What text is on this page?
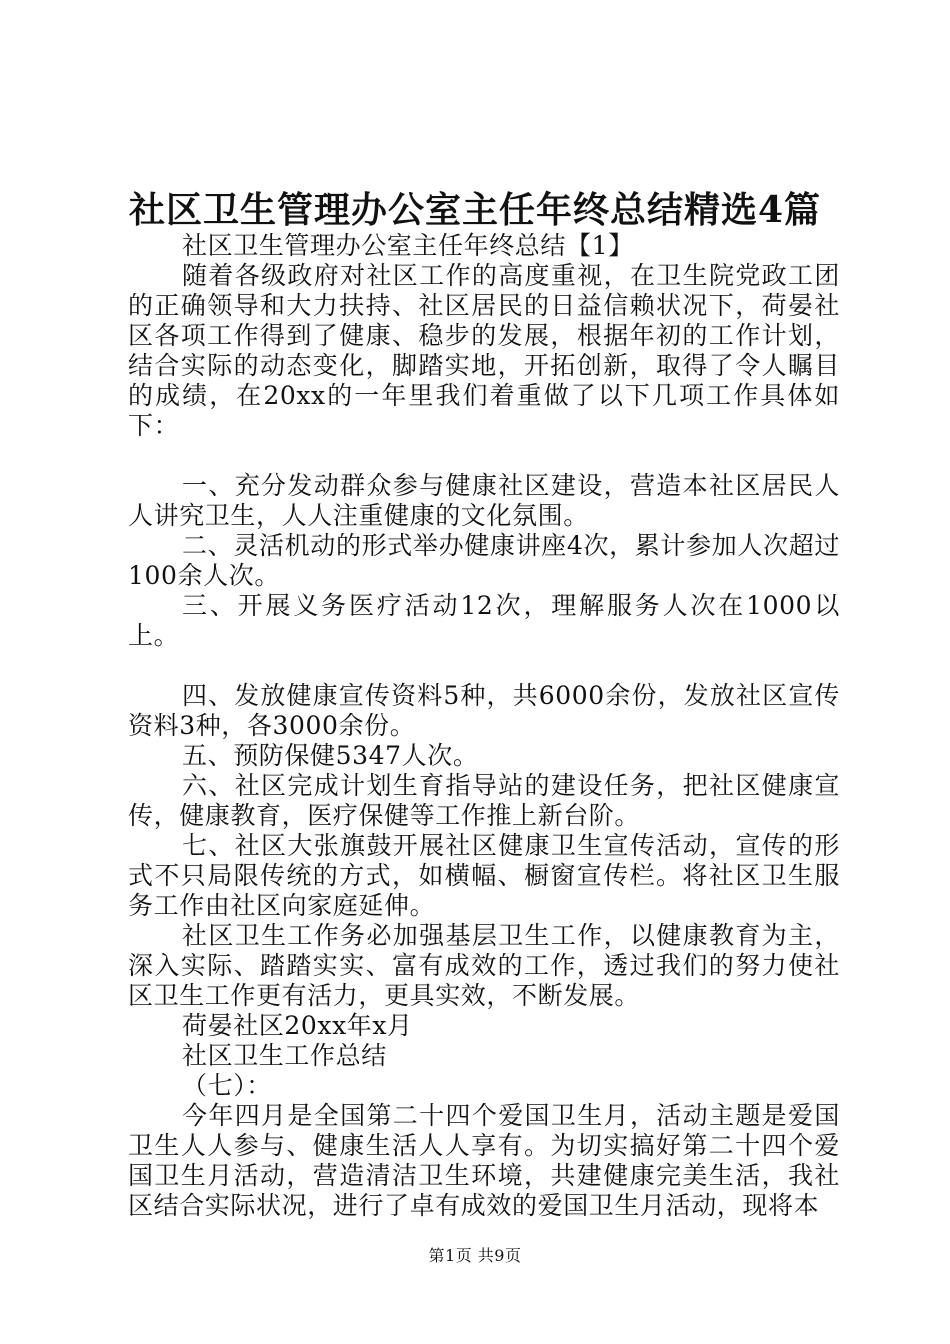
社区卫生管理办公室主任年终总结精选4篇

社区卫生管理办公室主任年终总结【1】

随着各级政府对社区工作的高度重视，在卫生院党政工团的正确领导和大力扶持、社区居民的日益信赖状况下，荷晏社区各项工作得到了健康、稳步的发展，根据年初的工作计划，结合实际的动态变化，脚踏实地，开拓创新，取得了令人瞩目的成绩，在20xx的一年里我们着重做了以下几项工作具体如下：

一、充分发动群众参与健康社区建设，营造本社区居民人人讲究卫生，人人注重健康的文化氛围。

二、灵活机动的形式举办健康讲座4次，累计参加人次超过100余人次。

三、开展义务医疗活动12次，理解服务人次在1000以上。

四、发放健康宣传资料5种，共6000余份，发放社区宣传资料3种，各3000余份。

五、预防保健5347人次。

六、社区完成计划生育指导站的建设任务，把社区健康宣传，健康教育，医疗保健等工作推上新台阶。

七、社区大张旗鼓开展社区健康卫生宣传活动，宣传的形式不只局限传统的方式，如横幅、橱窗宣传栏。将社区卫生服务工作由社区向家庭延伸。

社区卫生工作务必加强基层卫生工作，以健康教育为主，深入实际、踏踏实实、富有成效的工作，透过我们的努力使社区卫生工作更有活力，更具实效，不断发展。

荷晏社区20xx年x月

社区卫生工作总结

（七）：

今年四月是全国第二十四个爱国卫生月，活动主题是爱国卫生人人参与、健康生活人人享有。为切实搞好第二十四个爱国卫生月活动，营造清洁卫生环境，共建健康完美生活，我社区结合实际状况，进行了卓有成效的爱国卫生月活动，现将本

第1页 共9页
